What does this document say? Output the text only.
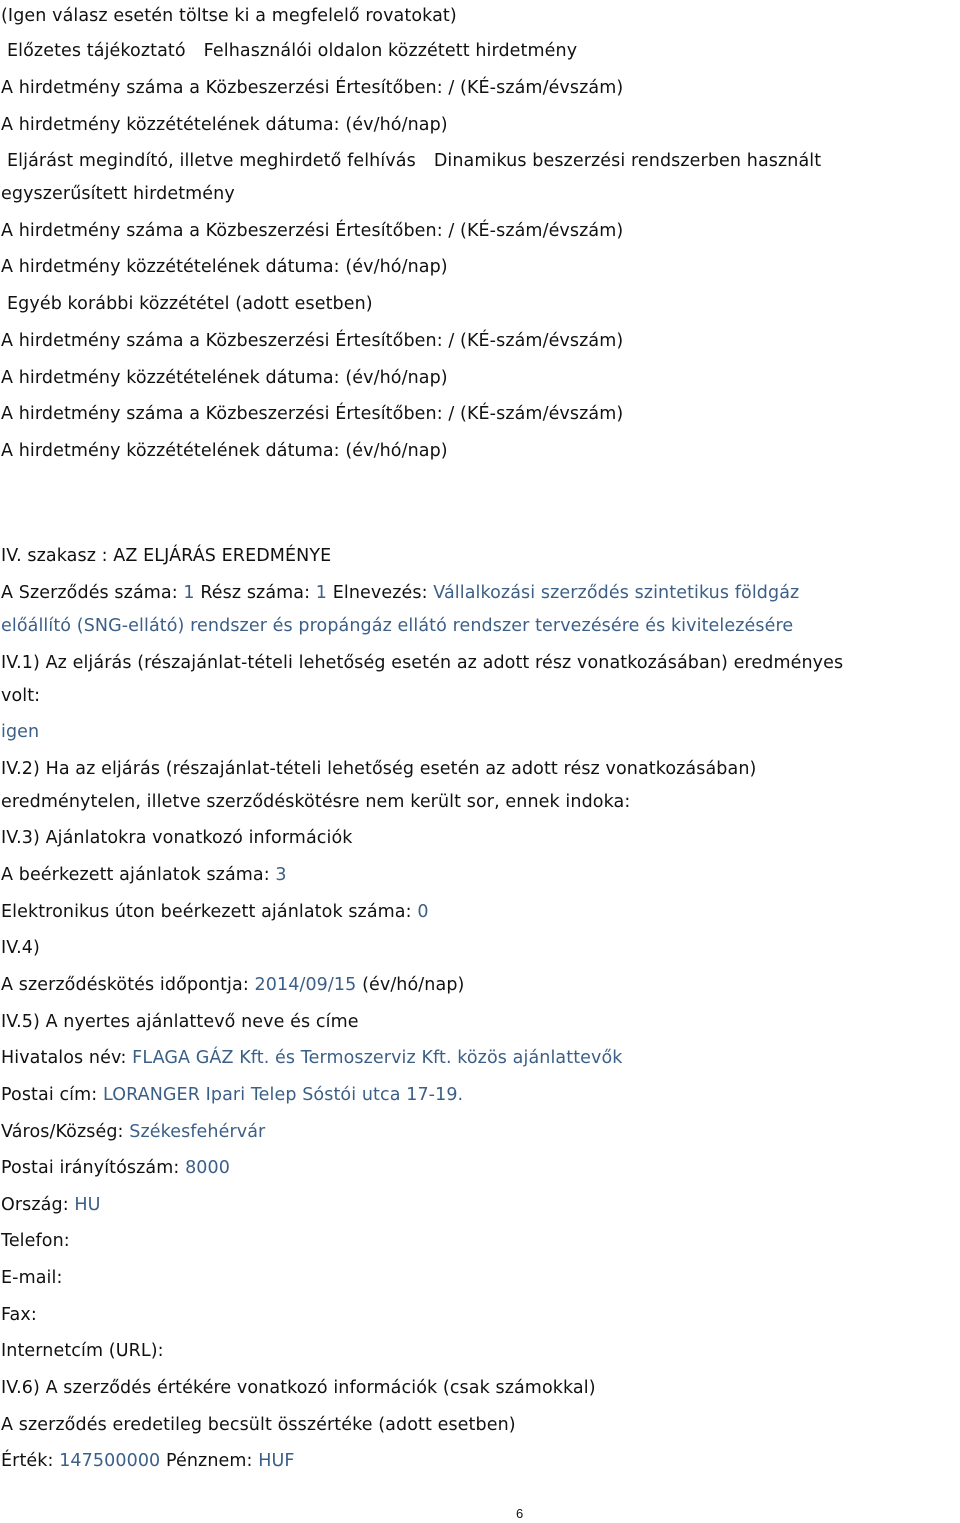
(Igen válasz esetén töltse ki a megfelelő rovatokat)
Előzetes tájékoztató Felhasználói oldalon közzétett hirdetmény
A hirdetmény száma a Közbeszerzési Értesítőben: / (KÉ-szám/évszám)
A hirdetmény közzétételének dátuma: (év/hó/nap)
Eljárást megindító, illetve meghirdető felhívás Dinamikus beszerzési rendszerben használt
egyszerűsített hirdetmény
A hirdetmény száma a Közbeszerzési Értesítőben: / (KÉ-szám/évszám)
A hirdetmény közzétételének dátuma: (év/hó/nap)
Egyéb korábbi közzététel (adott esetben)
A hirdetmény száma a Közbeszerzési Értesítőben: / (KÉ-szám/évszám)
A hirdetmény közzétételének dátuma: (év/hó/nap)
A hirdetmény száma a Közbeszerzési Értesítőben: / (KÉ-szám/évszám)
A hirdetmény közzétételének dátuma: (év/hó/nap)
IV. szakasz : AZ ELJÁRÁS EREDMÉNYE
A Szerződés száma: 1 Rész száma: 1 Elnevezés: Vállalkozási szerződés szintetikus földgáz
előállító (SNG-ellátó) rendszer és propángáz ellátó rendszer tervezésére és kivitelezésére
IV.1) Az eljárás (részajánlat-tételi lehetőség esetén az adott rész vonatkozásában) eredményes
volt:
igen
IV.2) Ha az eljárás (részajánlat-tételi lehetőség esetén az adott rész vonatkozásában)
eredménytelen, illetve szerződéskötésre nem került sor, ennek indoka:
IV.3) Ajánlatokra vonatkozó információk
A beérkezett ajánlatok száma: 3
Elektronikus úton beérkezett ajánlatok száma: 0
IV.4)
A szerződéskötés időpontja: 2014/09/15 (év/hó/nap)
IV.5) A nyertes ajánlattevő neve és címe
Hivatalos név: FLAGA GÁZ Kft. és Termoszerviz Kft. közös ajánlattevők
Postai cím: LORANGER Ipari Telep Sóstói utca 17-19.
Város/Község: Székesfehérvár
Postai irányítószám: 8000
Ország: HU
Telefon:
E-mail:
Fax:
Internetcím (URL):
IV.6) A szerződés értékére vonatkozó információk (csak számokkal)
A szerződés eredetileg becsült összértéke (adott esetben)
Érték: 147500000 Pénznem: HUF
6
